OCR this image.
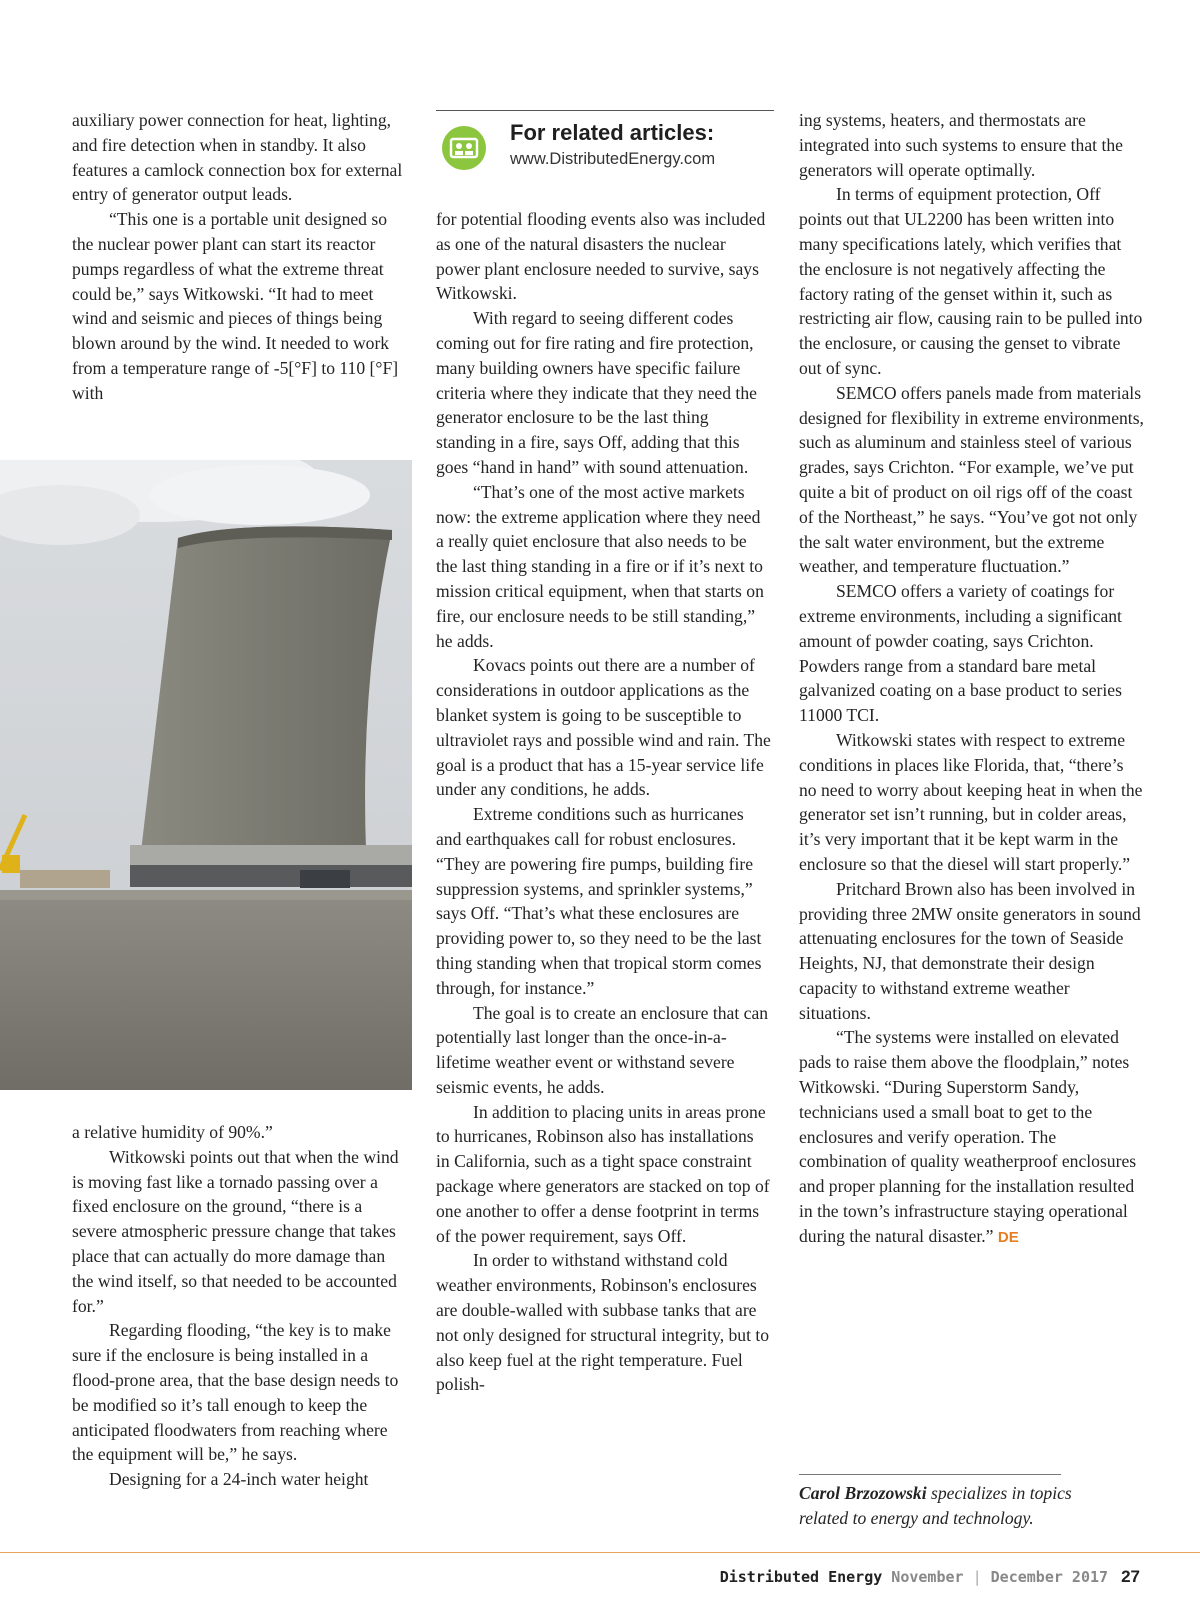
auxiliary power connection for heat, lighting, and fire detection when in standby. It also features a camlock connection box for external entry of generator output leads.

“This one is a portable unit designed so the nuclear power plant can start its reactor pumps regardless of what the extreme threat could be,” says Witkowski. “It had to meet wind and seismic and pieces of things being blown around by the wind. It needed to work from a temperature range of -5[°F] to 110 [°F] with

a relative humidity of 90%.”

Witkowski points out that when the wind is moving fast like a tornado passing over a fixed enclosure on the ground, “there is a severe atmospheric pressure change that takes place that can actually do more damage than the wind itself, so that needed to be accounted for.”

Regarding flooding, “the key is to make sure if the enclosure is being installed in a flood-prone area, that the base design needs to be modified so it’s tall enough to keep the anticipated floodwaters from reaching where the equipment will be,” he says.

Designing for a 24-inch water height

For related articles:
www.DistributedEnergy.com

for potential flooding events also was included as one of the natural disasters the nuclear power plant enclosure needed to survive, says Witkowski.

With regard to seeing different codes coming out for fire rating and fire protection, many building owners have specific failure criteria where they indicate that they need the generator enclosure to be the last thing standing in a fire, says Off, adding that this goes “hand in hand” with sound attenuation.

“That’s one of the most active markets now: the extreme application where they need a really quiet enclosure that also needs to be the last thing standing in a fire or if it’s next to mission critical equipment, when that starts on fire, our enclosure needs to be still standing,” he adds.

Kovacs points out there are a number of considerations in outdoor applications as the blanket system is going to be susceptible to ultraviolet rays and possible wind and rain. The goal is a product that has a 15-year service life under any conditions, he adds.

Extreme conditions such as hurricanes and earthquakes call for robust enclosures. “They are powering fire pumps, building fire suppression systems, and sprinkler systems,” says Off. “That’s what these enclosures are providing power to, so they need to be the last thing standing when that tropical storm comes through, for instance.”

The goal is to create an enclosure that can potentially last longer than the once-in-a-lifetime weather event or withstand severe seismic events, he adds.

In addition to placing units in areas prone to hurricanes, Robinson also has installations in California, such as a tight space constraint package where generators are stacked on top of one another to offer a dense footprint in terms of the power requirement, says Off.

In order to withstand withstand cold weather environments, Robinson's enclosures are double-walled with subbase tanks that are not only designed for structural integrity, but to also keep fuel at the right temperature. Fuel polish-

ing systems, heaters, and thermostats are integrated into such systems to ensure that the generators will operate optimally.

In terms of equipment protection, Off points out that UL2200 has been written into many specifications lately, which verifies that the enclosure is not negatively affecting the factory rating of the genset within it, such as restricting air flow, causing rain to be pulled into the enclosure, or causing the genset to vibrate out of sync.

SEMCO offers panels made from materials designed for flexibility in extreme environments, such as aluminum and stainless steel of various grades, says Crichton. “For example, we’ve put quite a bit of product on oil rigs off of the coast of the Northeast,” he says. “You’ve got not only the salt water environment, but the extreme weather, and temperature fluctuation.”

SEMCO offers a variety of coatings for extreme environments, including a significant amount of powder coating, says Crichton. Powders range from a standard bare metal galvanized coating on a base product to series 11000 TCI.

Witkowski states with respect to extreme conditions in places like Florida, that, “there’s no need to worry about keeping heat in when the generator set isn’t running, but in colder areas, it’s very important that it be kept warm in the enclosure so that the diesel will start properly.”

Pritchard Brown also has been involved in providing three 2MW onsite generators in sound attenuating enclosures for the town of Seaside Heights, NJ, that demonstrate their design capacity to withstand extreme weather situations.

“The systems were installed on elevated pads to raise them above the floodplain,” notes Witkowski. “During Superstorm Sandy, technicians used a small boat to get to the enclosures and verify operation. The combination of quality weatherproof enclosures and proper planning for the installation resulted in the town’s infrastructure staying operational during the natural disaster.” DE

Carol Brzozowski specializes in topics related to energy and technology.
Distributed Energy November | December 2017 27
